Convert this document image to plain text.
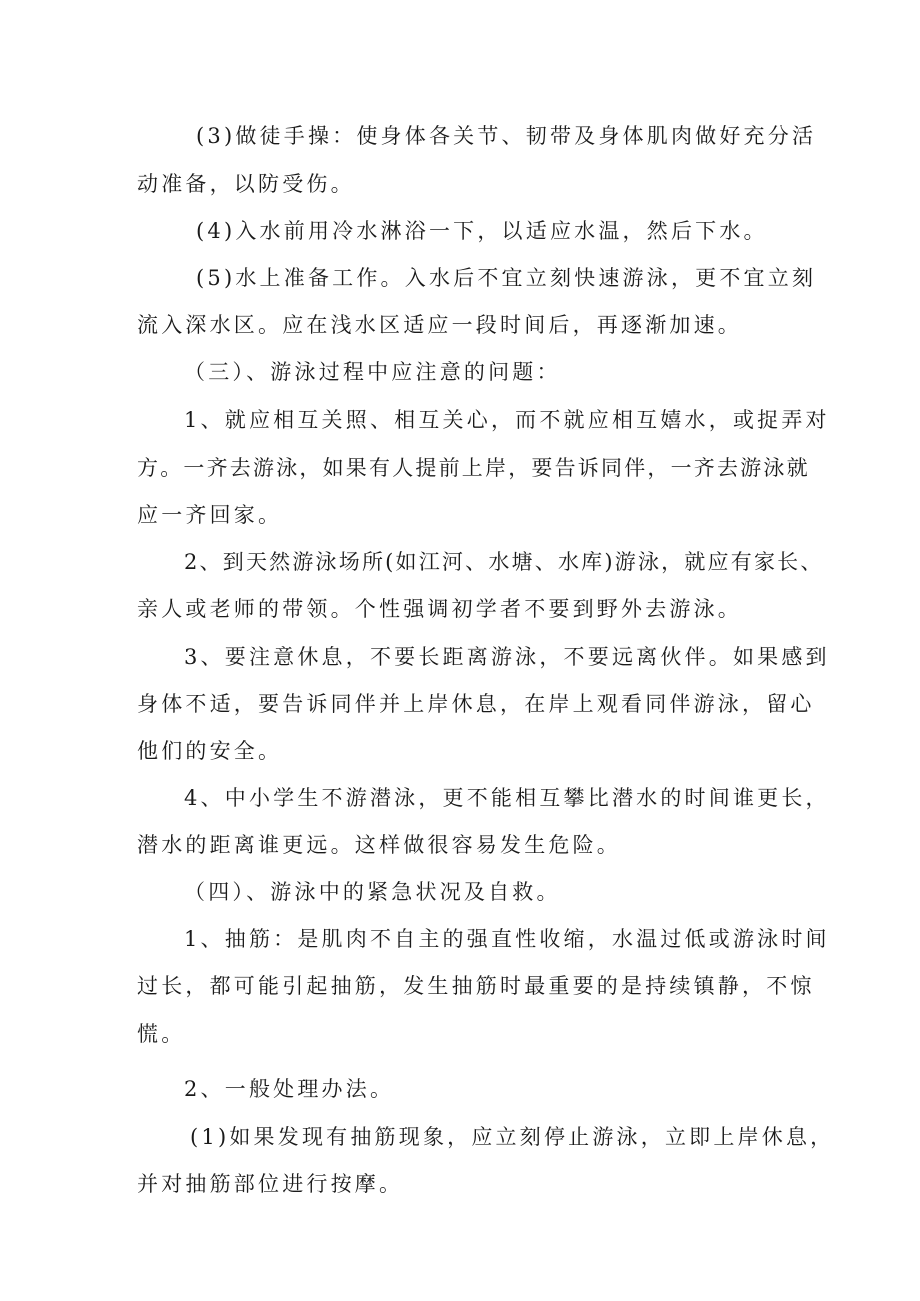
(3)做徒手操：使身体各关节、韧带及身体肌肉做好充分活
动准备，以防受伤。
(4)入水前用冷水淋浴一下，以适应水温，然后下水。
(5)水上准备工作。入水后不宜立刻快速游泳，更不宜立刻
流入深水区。应在浅水区适应一段时间后，再逐渐加速。
（三）、游泳过程中应注意的问题：
1、就应相互关照、相互关心，而不就应相互嬉水，或捉弄对
方。一齐去游泳，如果有人提前上岸，要告诉同伴，一齐去游泳就
应一齐回家。
2、到天然游泳场所(如江河、水塘、水库)游泳，就应有家长、
亲人或老师的带领。个性强调初学者不要到野外去游泳。
3、要注意休息，不要长距离游泳，不要远离伙伴。如果感到
身体不适，要告诉同伴并上岸休息，在岸上观看同伴游泳，留心
他们的安全。
4、中小学生不游潜泳，更不能相互攀比潜水的时间谁更长，
潜水的距离谁更远。这样做很容易发生危险。
（四）、游泳中的紧急状况及自救。
1、抽筋：是肌肉不自主的强直性收缩，水温过低或游泳时间
过长，都可能引起抽筋，发生抽筋时最重要的是持续镇静，不惊
慌。
2、一般处理办法。
(1)如果发现有抽筋现象，应立刻停止游泳，立即上岸休息，
并对抽筋部位进行按摩。
